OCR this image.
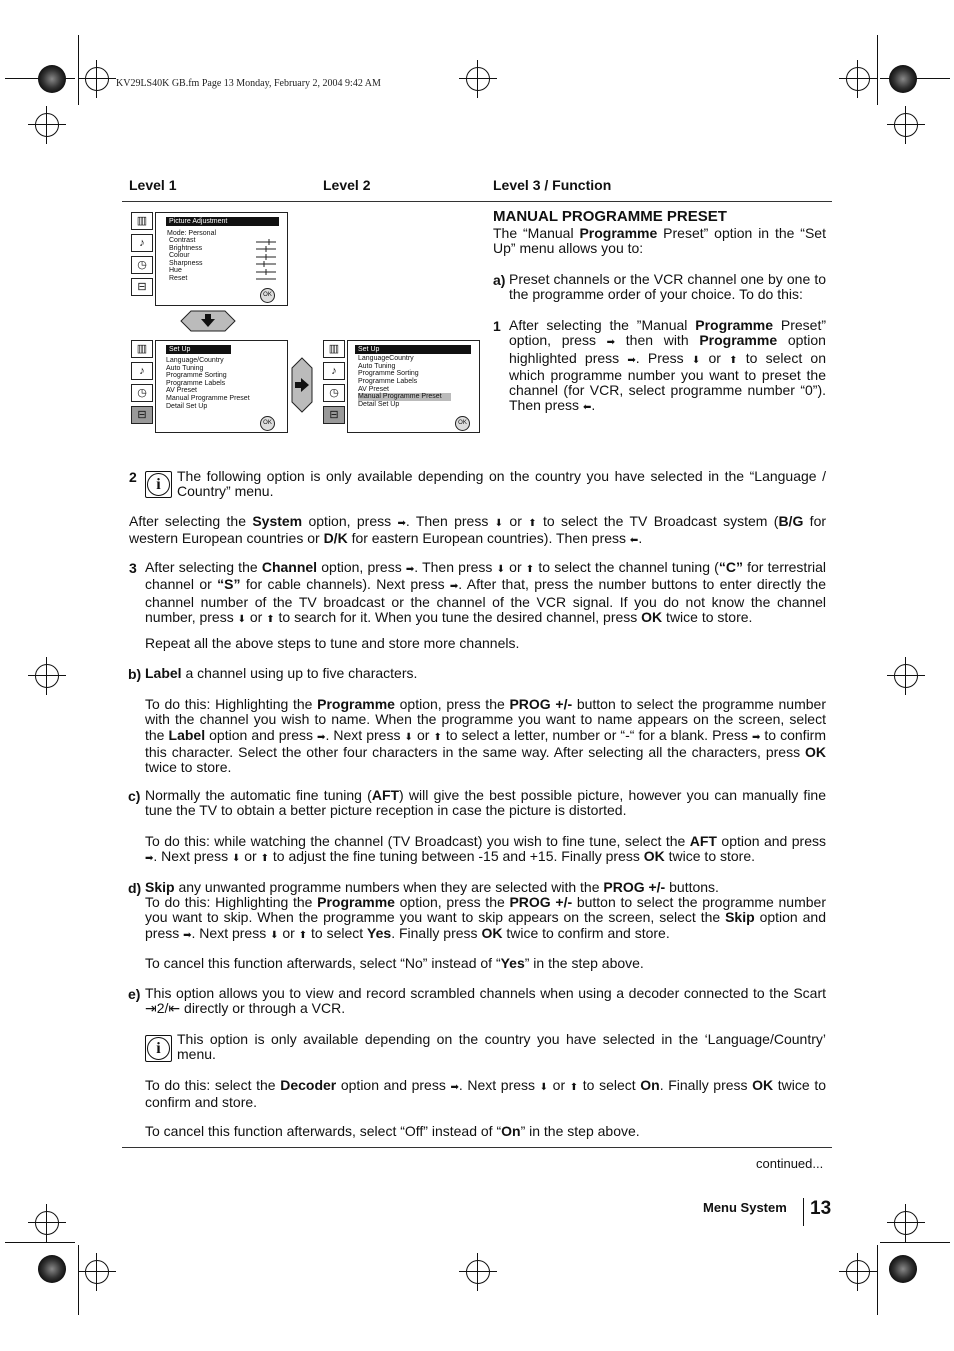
KV29LS40K GB.fm Page 13 Monday, February 2, 2004 9:42 AM
Level 1	Level 2	Level 3 / Function
▥
♪
◷
⊟
Picture Adjustment
Mode: Personal
Contrast
Brightness
Colour
Sharpness
Hue
Reset
OK
▥
♪
◷
⊟
Set Up
Language/Country
Auto Tuning
Programme Sorting
Programme Labels
AV Preset
Manual Programme Preset
Detail Set Up
OK
▥
♪
◷
⊟
Set Up
LanguageCountry
Auto Tuning
Programme Sorting
Programme Labels
AV Preset
Manual Programme Preset
Detail Set Up
OK
MANUAL PROGRAMME PRESET
The “Manual Programme Preset” option in the “Set Up” menu allows you to:
a) Preset channels or the VCR channel one by one to the programme order of your choice. To do this:
1 After selecting the ”Manual Programme Preset” option, press ➡ then with Programme option highlighted press ➡. Press ⬇ or ⬆ to select on which programme number you want to preset the channel (for VCR, select programme number “0”). Then press ⬅.
2	i	The following option is only available depending on the country you have selected in the “Language / Country” menu.
After selecting the System option, press ➡. Then press ⬇ or ⬆ to select the TV Broadcast system (B/G for western European countries or D/K for eastern European countries). Then press ⬅.
3 After selecting the Channel option, press ➡. Then press ⬇ or ⬆ to select the channel tuning (“C” for terrestrial channel or “S” for cable channels). Next press ➡. After that, press the number buttons to enter directly the channel number of the TV broadcast or the channel of the VCR signal. If you do not know the channel number, press ⬇ or ⬆ to search for it. When you tune the desired channel, press OK twice to store.
Repeat all the above steps to tune and store more channels.
b) Label a channel using up to five characters.
To do this: Highlighting the Programme option, press the PROG +/- button to select the programme number with the channel you wish to name. When the programme you want to name appears on the screen, select the Label option and press ➡. Next press ⬇ or ⬆ to select a letter, number or “-“ for a blank. Press ➡ to confirm this character. Select the other four characters in the same way. After selecting all the characters, press OK twice to store.
c) Normally the automatic fine tuning (AFT) will give the best possible picture, however you can manually fine tune the TV to obtain a better picture reception in case the picture is distorted.
To do this: while watching the channel (TV Broadcast) you wish to fine tune, select the AFT option and press ➡. Next press ⬇ or ⬆ to adjust the fine tuning between -15 and +15. Finally press OK twice to store.
d) Skip any unwanted programme numbers when they are selected with the PROG +/- buttons.
To do this: Highlighting the Programme option, press the PROG +/- button to select the programme number you want to skip. When the programme you want to skip appears on the screen, select the Skip option and press ➡. Next press ⬇ or ⬆ to select Yes. Finally press OK twice to confirm and store.
To cancel this function afterwards, select “No” instead of “Yes” in the step above.
e) This option allows you to view and record scrambled channels when using a decoder connected to the Scart ⇥2/⇤ directly or through a VCR.
i
This option is only available depending on the country you have selected in the ‘Language/Country’ menu.
To do this: select the Decoder option and press ➡. Next press ⬇ or ⬆ to select On. Finally press OK twice to confirm and store.
To cancel this function afterwards, select “Off” instead of “On” in the step above.
continued...
Menu System 13
